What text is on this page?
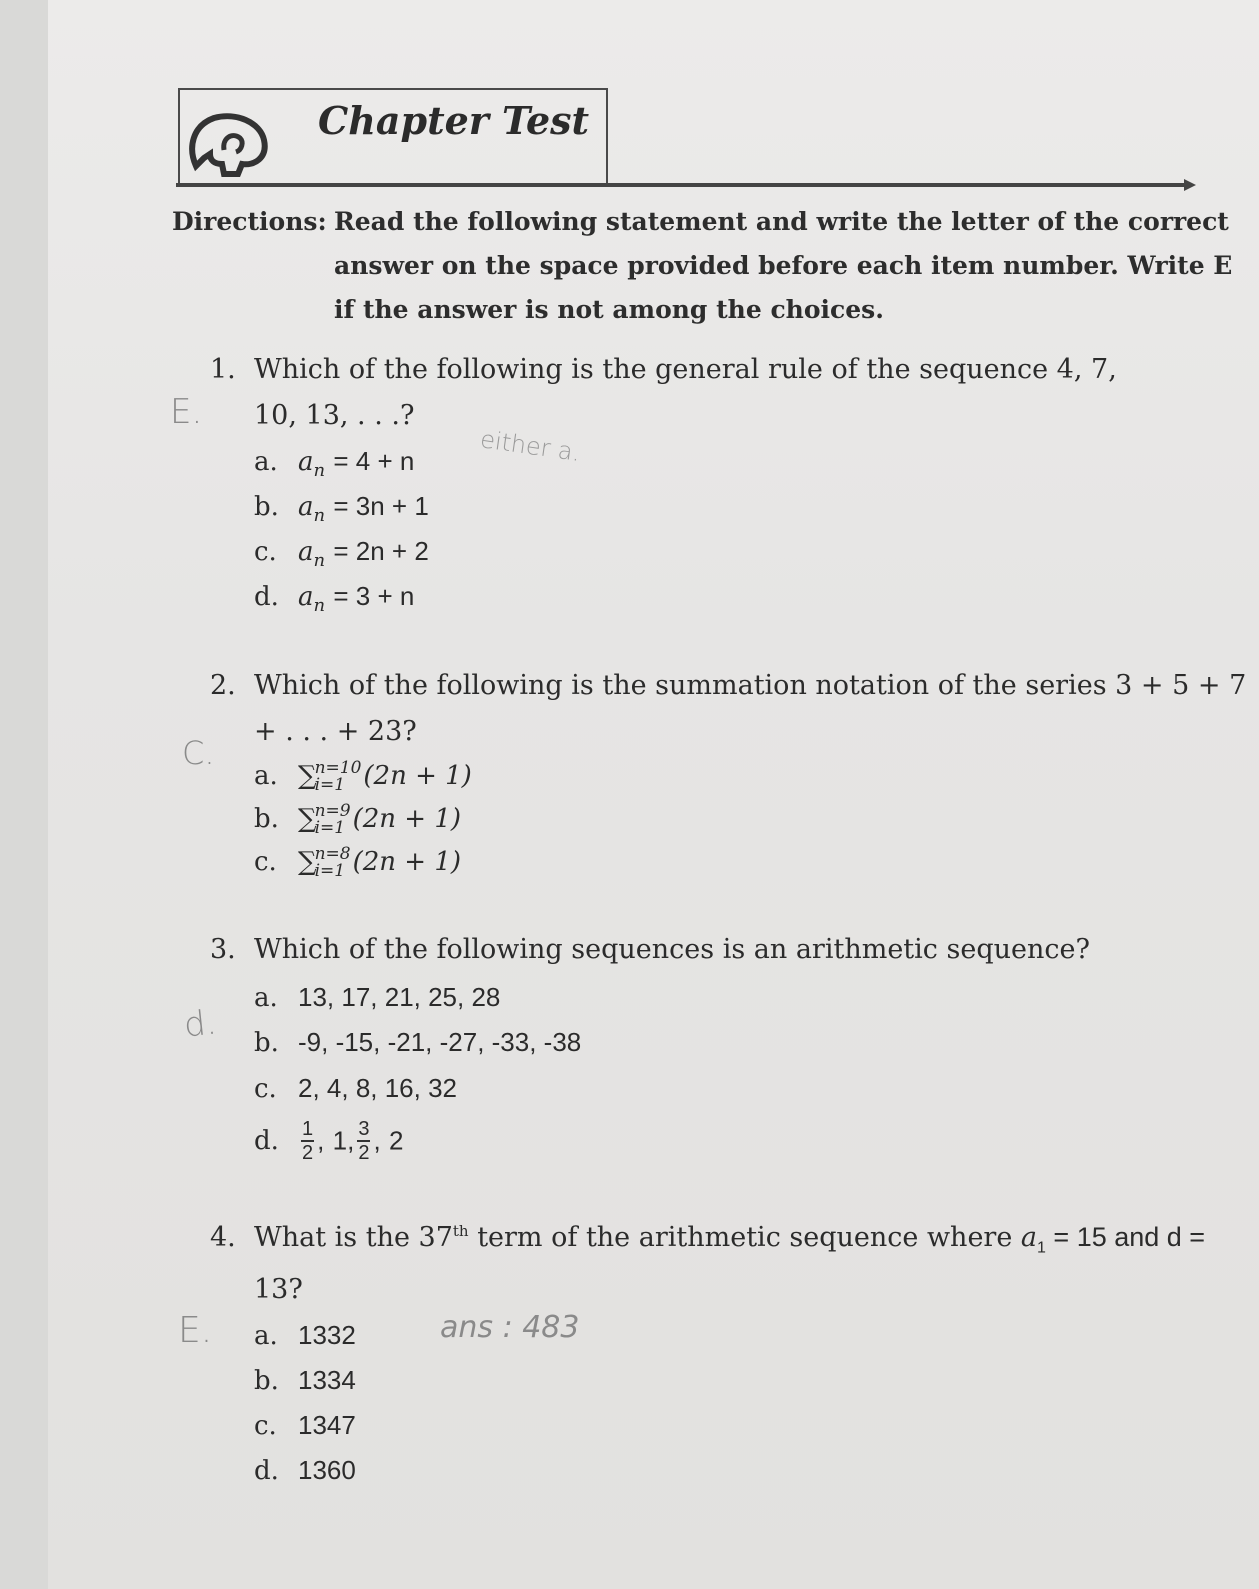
Chapter Test
Directions: Read the following statement and write the letter of the correct
answer on the space provided before each item number. Write E
if the answer is not among the choices.
1. Which of the following is the general rule of the sequence 4, 7,
10, 13, . . .?
E.
either a.
a. $a_n = 4 + n$
b. $a_n = 3n + 1$
c. $a_n = 2n + 2$
d. $a_n = 3 + n$
2. Which of the following is the summation notation of the series 3 + 5 + 7
+ . . . + 23?
C.
a. ∑
n=10
i=1 (2n + 1)
b. ∑
n=9
i=1 (2n + 1)
c. ∑
n=8
i=1 (2n + 1)
3. Which of the following sequences is an arithmetic sequence?
d.
a. 13, 17, 21, 25, 28
b. -9, -15, -21, -27, -33, -38
c. 2, 4, 8, 16, 32
d. $\frac{1}{2}$ , 1, $\frac{3}{2}$ , 2
4. What is the 37th term of the arithmetic sequence where $a_1 = 15$ and d =
13?
E.	ans : 483
a. 1332
b. 1334
c. 1347
d. 1360
